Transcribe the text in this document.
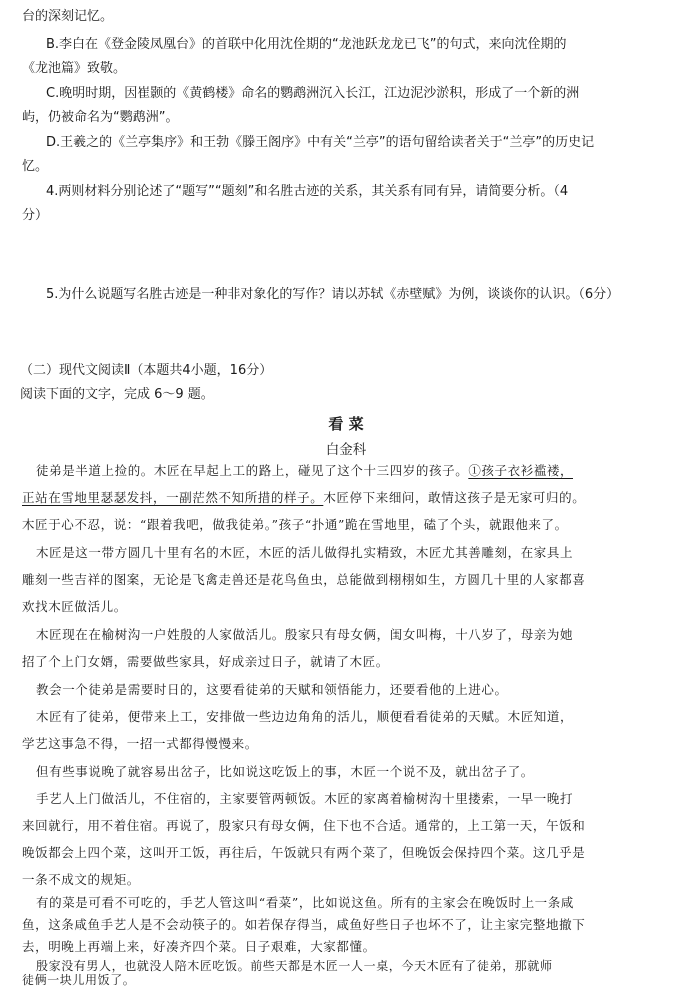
台的深刻记忆。

B.李白在《登金陵凤凰台》的首联中化用沈佺期的“龙池跃龙龙已飞”的句式，来向沈佺期的

《龙池篇》致敬。

C.晚明时期，因崔颢的《黄鹤楼》命名的鹦鹉洲沉入长江，江边泥沙淤积，形成了一个新的洲

屿，仍被命名为“鹦鹉洲”。

D.王羲之的《兰亭集序》和王勃《滕王阁序》中有关“兰亭”的语句留给读者关于“兰亭”的历史记

忆。

4.两则材料分别论述了“题写”“题刻”和名胜古迹的关系，其关系有同有异，请简要分析。（4

分）

5.为什么说题写名胜古迹是一种非对象化的写作？请以苏轼《赤壁赋》为例，谈谈你的认识。（6分）

（二）现代文阅读Ⅱ（本题共4小题，16分）

阅读下面的文字，完成 6～9 题。

看 菜

白金科

徒弟是半道上捡的。木匠在早起上工的路上，碰见了这个十三四岁的孩子。①孩子衣衫褴褛，

正站在雪地里瑟瑟发抖，一副茫然不知所措的样子。木匠停下来细问，敢情这孩子是无家可归的。

木匠于心不忍，说：“跟着我吧，做我徒弟。”孩子“扑通”跪在雪地里，磕了个头，就跟他来了。

木匠是这一带方圆几十里有名的木匠，木匠的活儿做得扎实精致，木匠尤其善雕刻，在家具上

雕刻一些吉祥的图案，无论是飞禽走兽还是花鸟鱼虫，总能做到栩栩如生，方圆几十里的人家都喜

欢找木匠做活儿。

木匠现在在榆树沟一户姓殷的人家做活儿。殷家只有母女俩，闺女叫梅，十八岁了，母亲为她

招了个上门女婿，需要做些家具，好成亲过日子，就请了木匠。

教会一个徒弟是需要时日的，这要看徒弟的天赋和领悟能力，还要看他的上进心。

木匠有了徒弟，便带来上工，安排做一些边边角角的活儿，顺便看看徒弟的天赋。木匠知道，

学艺这事急不得，一招一式都得慢慢来。

但有些事说晚了就容易出岔子，比如说这吃饭上的事，木匠一个说不及，就出岔子了。

手艺人上门做活儿，不住宿的，主家要管两顿饭。木匠的家离着榆树沟十里搂索，一早一晚打

来回就行，用不着住宿。再说了，殷家只有母女俩，住下也不合适。通常的，上工第一天，午饭和

晚饭都会上四个菜，这叫开工饭，再往后，午饭就只有两个菜了，但晚饭会保持四个菜。这几乎是

一条不成文的规矩。

有的菜是可看不可吃的，手艺人管这叫“看菜”，比如说这鱼。所有的主家会在晚饭时上一条咸

鱼，这条咸鱼手艺人是不会动筷子的。如若保存得当，咸鱼好些日子也坏不了，让主家完整地撤下

去，明晚上再端上来，好凑齐四个菜。日子艰难，大家都懂。

殷家没有男人，也就没人陪木匠吃饭。前些天都是木匠一人一桌，今天木匠有了徒弟，那就师

徒俩一块儿用饭了。
